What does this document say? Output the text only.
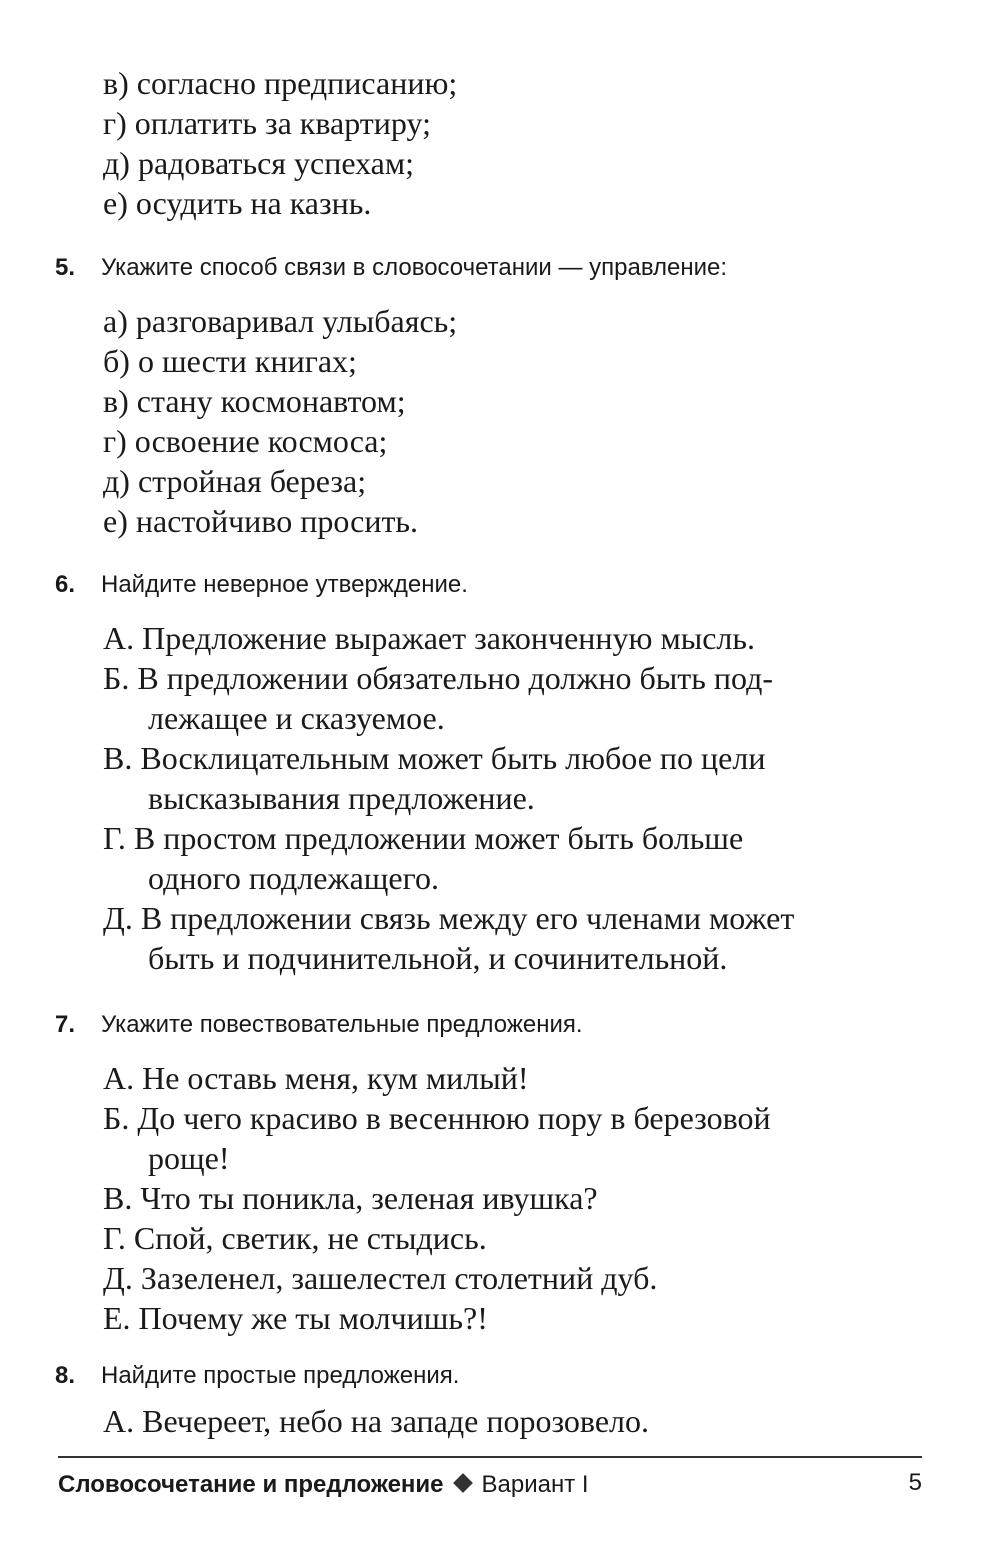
в) согласно предписанию;
г) оплатить за квартиру;
д) радоваться успехам;
е) осудить на казнь.
5. Укажите способ связи в словосочетании — управление:
а) разговаривал улыбаясь;
б) о шести книгах;
в) стану космонавтом;
г) освоение космоса;
д) стройная береза;
е) настойчиво просить.
6. Найдите неверное утверждение.
А. Предложение выражает законченную мысль.
Б. В предложении обязательно должно быть под-
лежащее и сказуемое.
В. Восклицательным может быть любое по цели
высказывания предложение.
Г. В простом предложении может быть больше
одного подлежащего.
Д. В предложении связь между его членами может
быть и подчинительной, и сочинительной.
7. Укажите повествовательные предложения.
А. Не оставь меня, кум милый!
Б. До чего красиво в весеннюю пору в березовой
роще!
В. Что ты поникла, зеленая ивушка?
Г. Спой, светик, не стыдись.
Д. Зазеленел, зашелестел столетний дуб.
Е. Почему же ты молчишь?!
8. Найдите простые предложения.
А. Вечереет, небо на западе порозовело.
Словосочетание и предложение Вариант I	5
